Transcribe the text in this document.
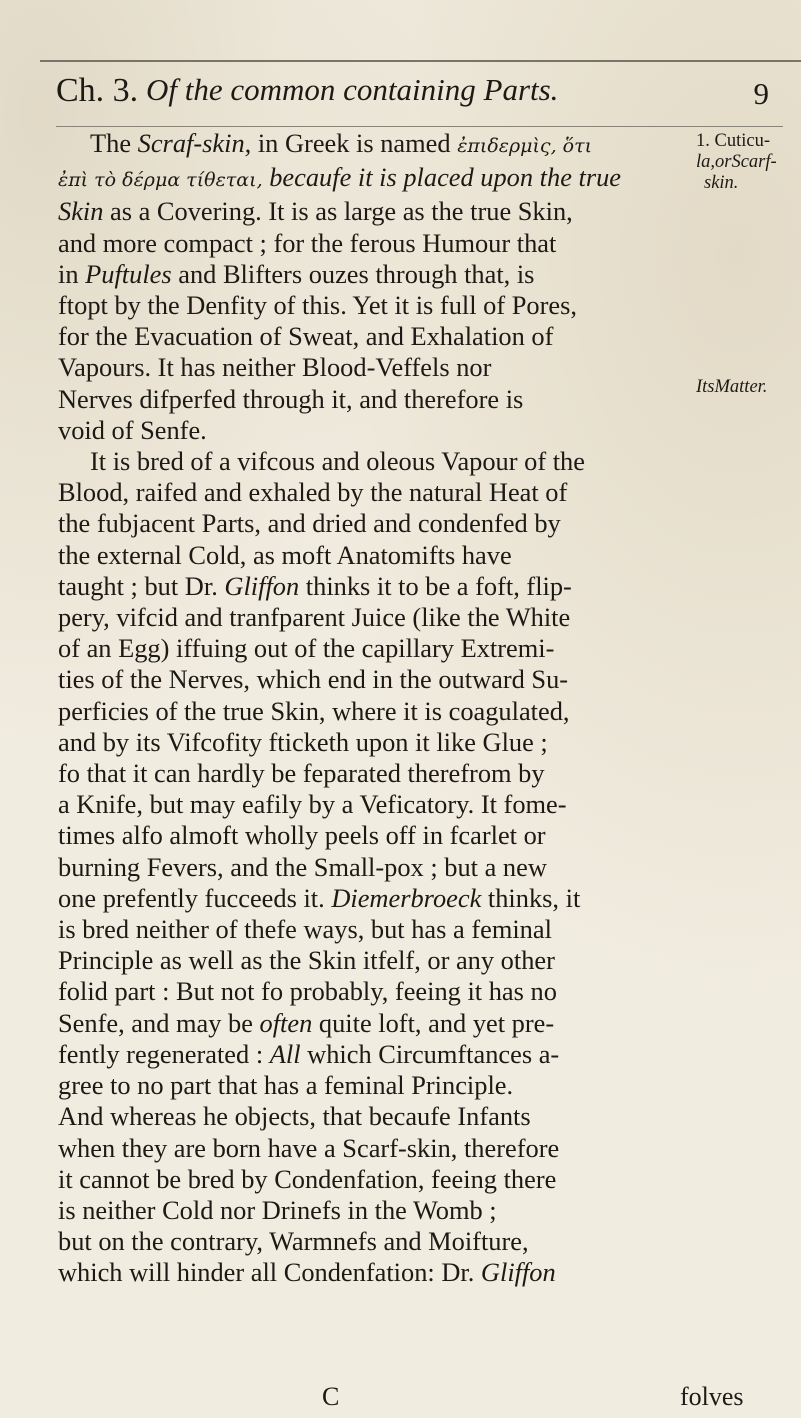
Ch. 3. Of the common containing Parts.	9
1. Cuticu-
la,orScarf-
skin.
ItsMatter.
The Scraf-skin, in Greek is named ἐπιδερμὶς, ὅτι
ἐπὶ τὸ δέρμα τίθεται, becaufe it is placed upon the true
Skin as a Covering. It is as large as the true Skin,
and more compact ; for the ferous Humour that
in Puftules and Blifters ouzes through that, is
ftopt by the Denfity of this. Yet it is full of Pores,
for the Evacuation of Sweat, and Exhalation of
Vapours. It has neither Blood-Veffels nor
Nerves difperfed through it, and therefore is
void of Senfe.
It is bred of a vifcous and oleous Vapour of the
Blood, raifed and exhaled by the natural Heat of
the fubjacent Parts, and dried and condenfed by
the external Cold, as moft Anatomifts have
taught ; but Dr. Gliffon thinks it to be a foft, flip-
pery, vifcid and tranfparent Juice (like the White
of an Egg) iffuing out of the capillary Extremi-
ties of the Nerves, which end in the outward Su-
perficies of the true Skin, where it is coagulated,
and by its Vifcofity fticketh upon it like Glue ;
fo that it can hardly be feparated therefrom by
a Knife, but may eafily by a Veficatory. It fome-
times alfo almoft wholly peels off in fcarlet or
burning Fevers, and the Small-pox ; but a new
one prefently fucceeds it. Diemerbroeck thinks, it
is bred neither of thefe ways, but has a feminal
Principle as well as the Skin itfelf, or any other
folid part : But not fo probably, feeing it has no
Senfe, and may be often quite loft, and yet pre-
fently regenerated : All which Circumftances a-
gree to no part that has a feminal Principle.
And whereas he objects, that becaufe Infants
when they are born have a Scarf-skin, therefore
it cannot be bred by Condenfation, feeing there
is neither Cold nor Drinefs in the Womb ;
but on the contrary, Warmnefs and Moifture,
which will hinder all Condenfation: Dr. Gliffon
C	folves
